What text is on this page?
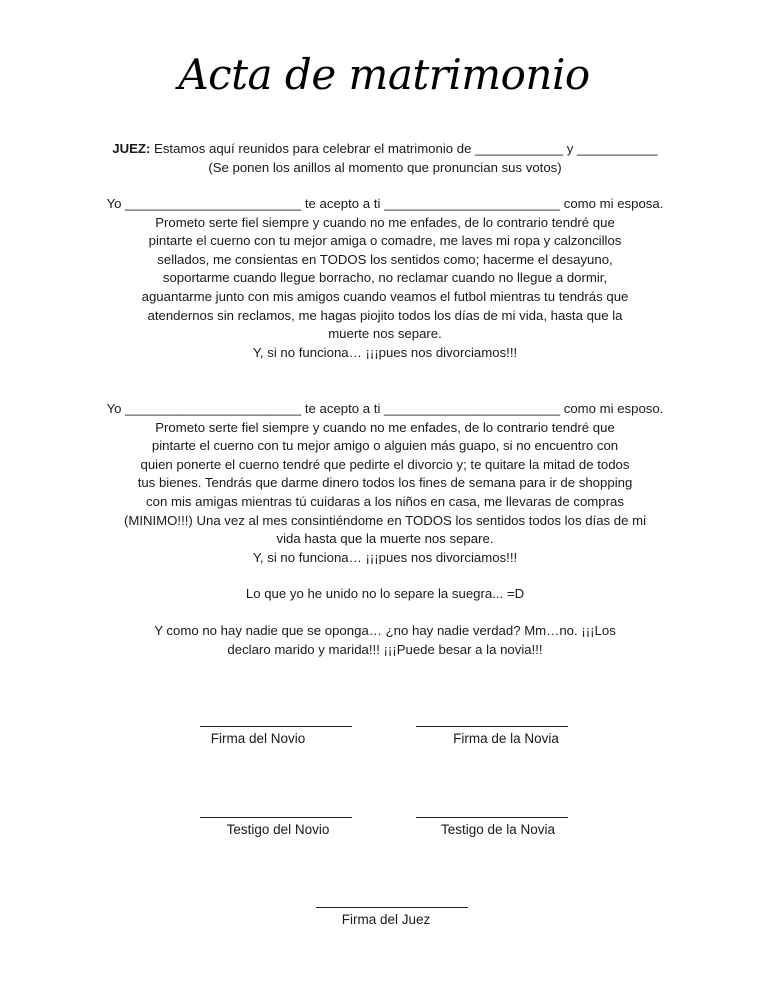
Acta de matrimonio

JUEZ: Estamos aquí reunidos para celebrar el matrimonio de ____________ y ___________

(Se ponen los anillos al momento que pronuncian sus votos)

Yo ________________________ te acepto a ti ________________________ como mi esposa.

Prometo serte fiel siempre y cuando no me enfades, de lo contrario tendré que

pintarte el cuerno con tu mejor amiga o comadre, me laves mi ropa y calzoncillos

sellados, me consientas en TODOS los sentidos como; hacerme el desayuno,

soportarme cuando llegue borracho, no reclamar cuando no llegue a dormir,

aguantarme junto con mis amigos cuando veamos el futbol mientras tu tendrás que

atendernos sin reclamos, me hagas piojito todos los días de mi vida, hasta que la

muerte nos separe.

Y, si no funciona… ¡¡¡pues nos divorciamos!!!

Yo ________________________ te acepto a ti ________________________ como mi esposo.

Prometo serte fiel siempre y cuando no me enfades, de lo contrario tendré que

pintarte el cuerno con tu mejor amigo o alguien más guapo, si no encuentro con

quien ponerte el cuerno tendré que pedirte el divorcio y; te quitare la mitad de todos

tus bienes. Tendrás que darme dinero todos los fines de semana para ir de shopping

con mis amigas mientras tú cuidaras a los niños en casa, me llevaras de compras

(MINIMO!!!) Una vez al mes consintiéndome en TODOS los sentidos todos los días de mi

vida hasta que la muerte nos separe.

Y, si no funciona… ¡¡¡pues nos divorciamos!!!

Lo que yo he unido no lo separe la suegra... =D

Y como no hay nadie que se oponga… ¿no hay nadie verdad? Mm…no. ¡¡¡Los

declaro marido y marida!!! ¡¡¡Puede besar a la novia!!!

Firma del Novio	Firma de la Novia
Testigo del Novio	Testigo de la Novia
Firma del Juez
